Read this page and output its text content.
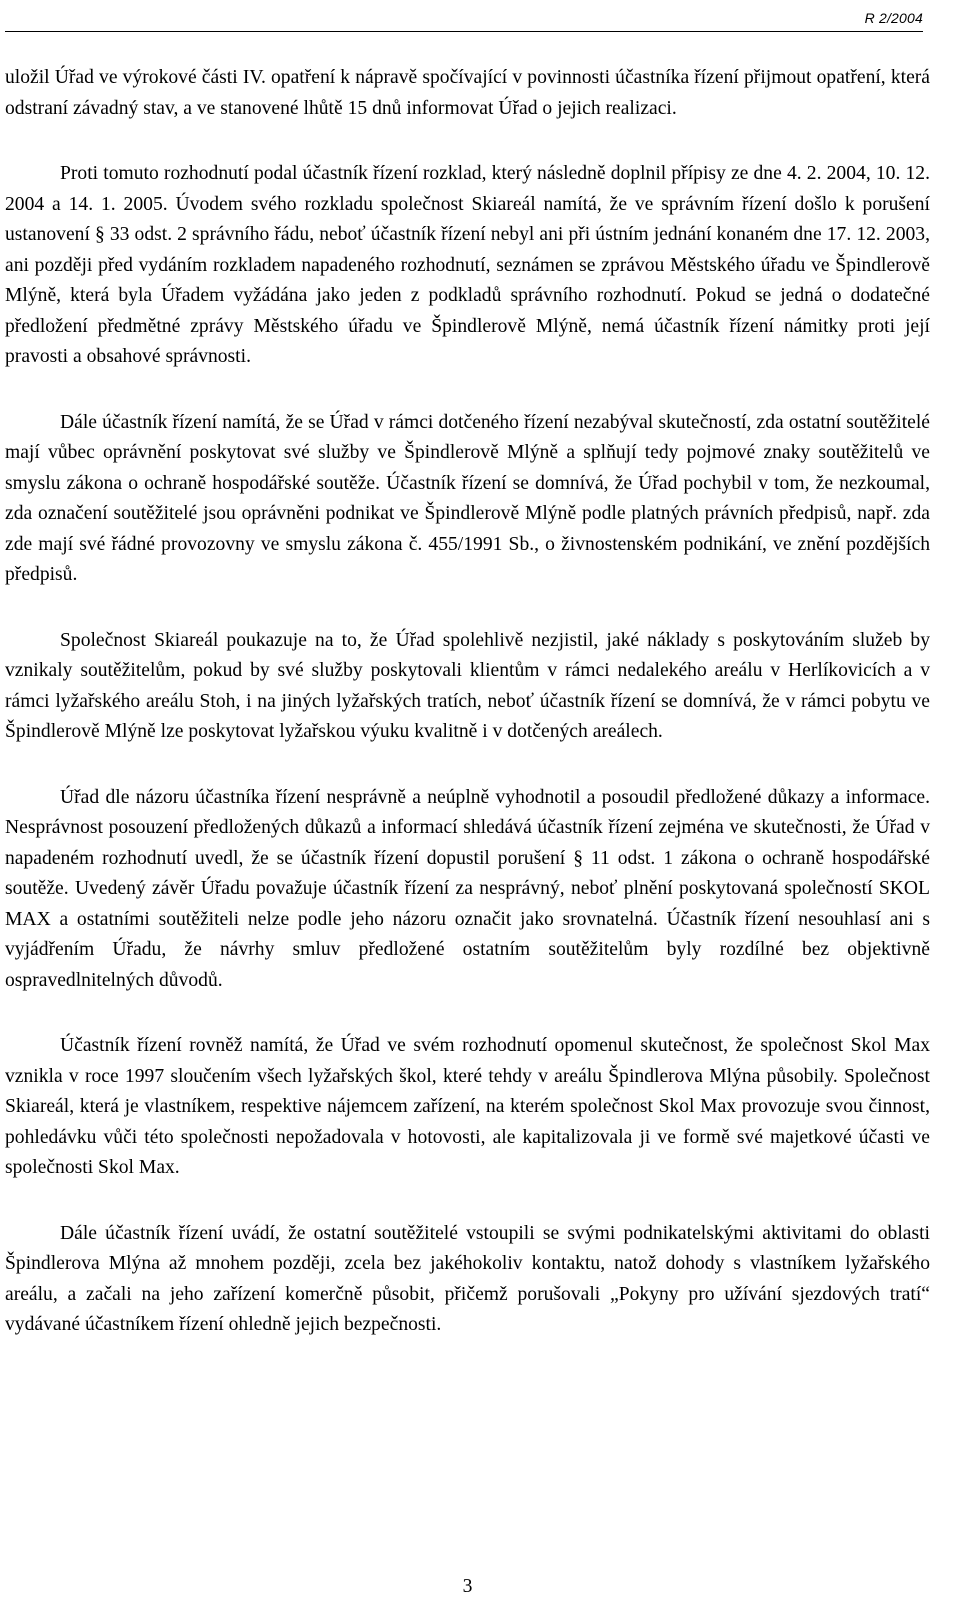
R 2/2004

uložil Úřad ve výrokové části IV. opatření k nápravě spočívající v povinnosti účastníka řízení přijmout opatření, která odstraní závadný stav, a ve stanovené lhůtě 15 dnů informovat Úřad o jejich realizaci.

Proti tomuto rozhodnutí podal účastník řízení rozklad, který následně doplnil přípisy ze dne 4. 2. 2004, 10. 12. 2004 a 14. 1. 2005. Úvodem svého rozkladu společnost Skiareál namítá, že ve správním řízení došlo k porušení ustanovení § 33 odst. 2 správního řádu, neboť účastník řízení nebyl ani při ústním jednání konaném dne 17. 12. 2003, ani později před vydáním rozkladem napadeného rozhodnutí, seznámen se zprávou Městského úřadu ve Špindlerově Mlýně, která byla Úřadem vyžádána jako jeden z podkladů správního rozhodnutí. Pokud se jedná o dodatečné předložení předmětné zprávy Městského úřadu ve Špindlerově Mlýně, nemá účastník řízení námitky proti její pravosti a obsahové správnosti.

Dále účastník řízení namítá, že se Úřad v rámci dotčeného řízení nezabýval skutečností, zda ostatní soutěžitelé mají vůbec oprávnění poskytovat své služby ve Špindlerově Mlýně a splňují tedy pojmové znaky soutěžitelů ve smyslu zákona o ochraně hospodářské soutěže. Účastník řízení se domnívá, že Úřad pochybil v tom, že nezkoumal, zda označení soutěžitelé jsou oprávněni podnikat ve Špindlerově Mlýně podle platných právních předpisů, např. zda zde mají své řádné provozovny ve smyslu zákona č. 455/1991 Sb., o živnostenském podnikání, ve znění pozdějších předpisů.

Společnost Skiareál poukazuje na to, že Úřad spolehlivě nezjistil, jaké náklady s poskytováním služeb by vznikaly soutěžitelům, pokud by své služby poskytovali klientům v rámci nedalekého areálu v Herlíkovicích a v rámci lyžařského areálu Stoh, i na jiných lyžařských tratích, neboť účastník řízení se domnívá, že v rámci pobytu ve Špindlerově Mlýně lze poskytovat lyžařskou výuku kvalitně i v dotčených areálech.

Úřad dle názoru účastníka řízení nesprávně a neúplně vyhodnotil a posoudil předložené důkazy a informace. Nesprávnost posouzení předložených důkazů a informací shledává účastník řízení zejména ve skutečnosti, že Úřad v napadeném rozhodnutí uvedl, že se účastník řízení dopustil porušení § 11 odst. 1 zákona o ochraně hospodářské soutěže. Uvedený závěr Úřadu považuje účastník řízení za nesprávný, neboť plnění poskytovaná společností SKOL MAX a ostatními soutěžiteli nelze podle jeho názoru označit jako srovnatelná. Účastník řízení nesouhlasí ani s vyjádřením Úřadu, že návrhy smluv předložené ostatním soutěžitelům byly rozdílné bez objektivně ospravedlnitelných důvodů.

Účastník řízení rovněž namítá, že Úřad ve svém rozhodnutí opomenul skutečnost, že společnost Skol Max vznikla v roce 1997 sloučením všech lyžařských škol, které tehdy v areálu Špindlerova Mlýna působily. Společnost Skiareál, která je vlastníkem, respektive nájemcem zařízení, na kterém společnost Skol Max provozuje svou činnost, pohledávku vůči této společnosti nepožadovala v hotovosti, ale kapitalizovala ji ve formě své majetkové účasti ve společnosti Skol Max.

Dále účastník řízení uvádí, že ostatní soutěžitelé vstoupili se svými podnikatelskými aktivitami do oblasti Špindlerova Mlýna až mnohem později, zcela bez jakéhokoliv kontaktu, natož dohody s vlastníkem lyžařského areálu, a začali na jeho zařízení komerčně působit, přičemž porušovali „Pokyny pro užívání sjezdových tratí“ vydávané účastníkem řízení ohledně jejich bezpečnosti.

3
